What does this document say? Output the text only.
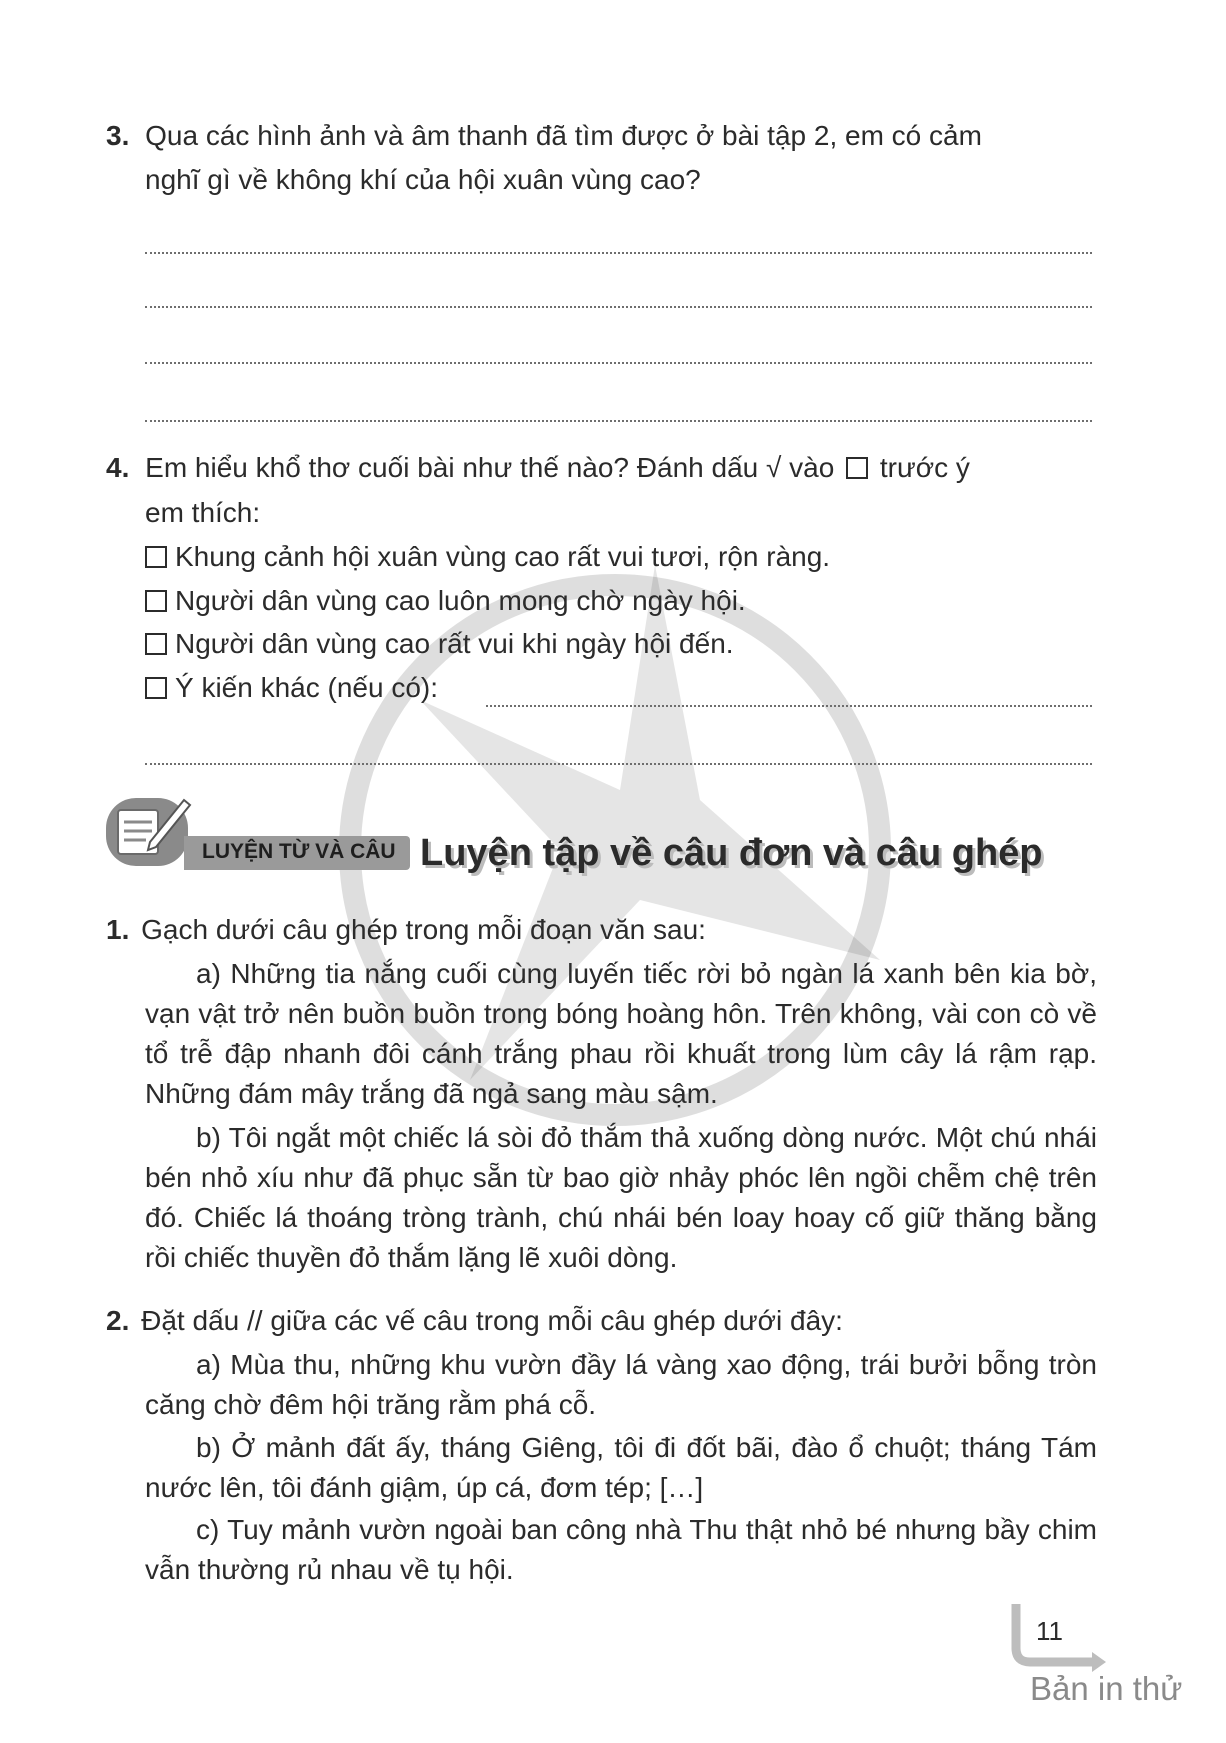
3. Qua các hình ảnh và âm thanh đã tìm được ở bài tập 2, em có cảm
nghĩ gì về không khí của hội xuân vùng cao?
4. Em hiểu khổ thơ cuối bài như thế nào? Đánh dấu √ vào trước ý
em thích:
Khung cảnh hội xuân vùng cao rất vui tươi, rộn ràng.
Người dân vùng cao luôn mong chờ ngày hội.
Người dân vùng cao rất vui khi ngày hội đến.
Ý kiến khác (nếu có):
LUYỆN TỪ VÀ CÂU Luyện tập về câu đơn và câu ghép
1. Gạch dưới câu ghép trong mỗi đoạn văn sau:
a) Những tia nắng cuối cùng luyến tiếc rời bỏ ngàn lá xanh bên kia bờ, vạn vật trở nên buồn buồn trong bóng hoàng hôn. Trên không, vài con cò về tổ trễ đập nhanh đôi cánh trắng phau rồi khuất trong lùm cây lá rậm rạp. Những đám mây trắng đã ngả sang màu sậm.
b) Tôi ngắt một chiếc lá sòi đỏ thắm thả xuống dòng nước. Một chú nhái bén nhỏ xíu như đã phục sẵn từ bao giờ nhảy phóc lên ngồi chễm chệ trên đó. Chiếc lá thoáng tròng trành, chú nhái bén loay hoay cố giữ thăng bằng rồi chiếc thuyền đỏ thắm lặng lẽ xuôi dòng.
2. Đặt dấu // giữa các vế câu trong mỗi câu ghép dưới đây:
a) Mùa thu, những khu vườn đầy lá vàng xao động, trái bưởi bỗng tròn căng chờ đêm hội trăng rằm phá cỗ.
b) Ở mảnh đất ấy, tháng Giêng, tôi đi đốt bãi, đào ổ chuột; tháng Tám nước lên, tôi đánh giậm, úp cá, đơm tép; […]
c) Tuy mảnh vườn ngoài ban công nhà Thu thật nhỏ bé nhưng bầy chim vẫn thường rủ nhau về tụ hội.
11
Bản in thử
